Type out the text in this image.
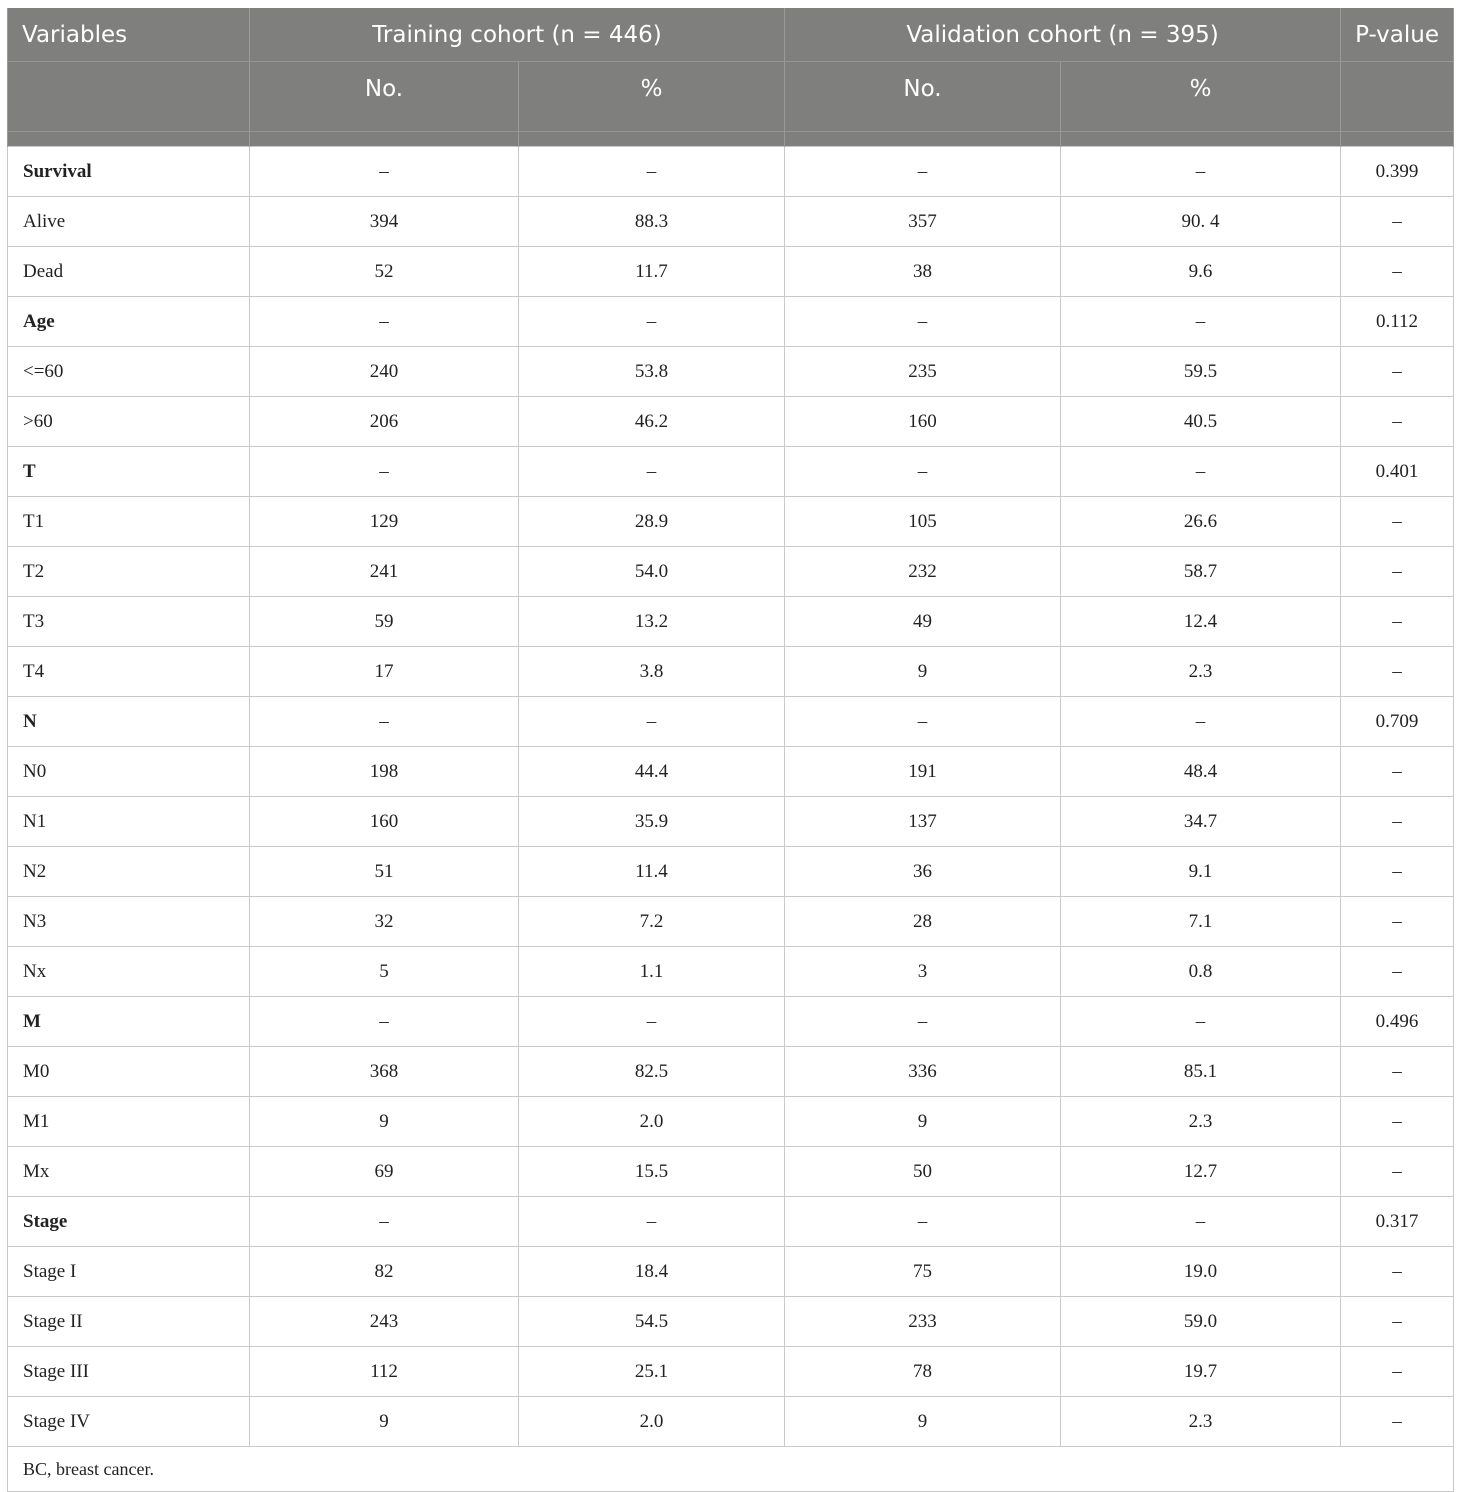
Variables	Training cohort (n = 446)		Validation cohort (n = 395)		P-value
	No.	%	No.	%	

Survival	–	–	–	–	0.399
Alive	394	88.3	357	90. 4	–
Dead	52	11.7	38	9.6	–
Age	–	–	–	–	0.112
<=60	240	53.8	235	59.5	–
>60	206	46.2	160	40.5	–
T	–	–	–	–	0.401
T1	129	28.9	105	26.6	–
T2	241	54.0	232	58.7	–
T3	59	13.2	49	12.4	–
T4	17	3.8	9	2.3	–
N	–	–	–	–	0.709
N0	198	44.4	191	48.4	–
N1	160	35.9	137	34.7	–
N2	51	11.4	36	9.1	–
N3	32	7.2	28	7.1	–
Nx	5	1.1	3	0.8	–
M	–	–	–	–	0.496
M0	368	82.5	336	85.1	–
M1	9	2.0	9	2.3	–
Mx	69	15.5	50	12.7	–
Stage	–	–	–	–	0.317
Stage I	82	18.4	75	19.0	–
Stage II	243	54.5	233	59.0	–
Stage III	112	25.1	78	19.7	–
Stage IV	9	2.0	9	2.3	–
BC, breast cancer.					
